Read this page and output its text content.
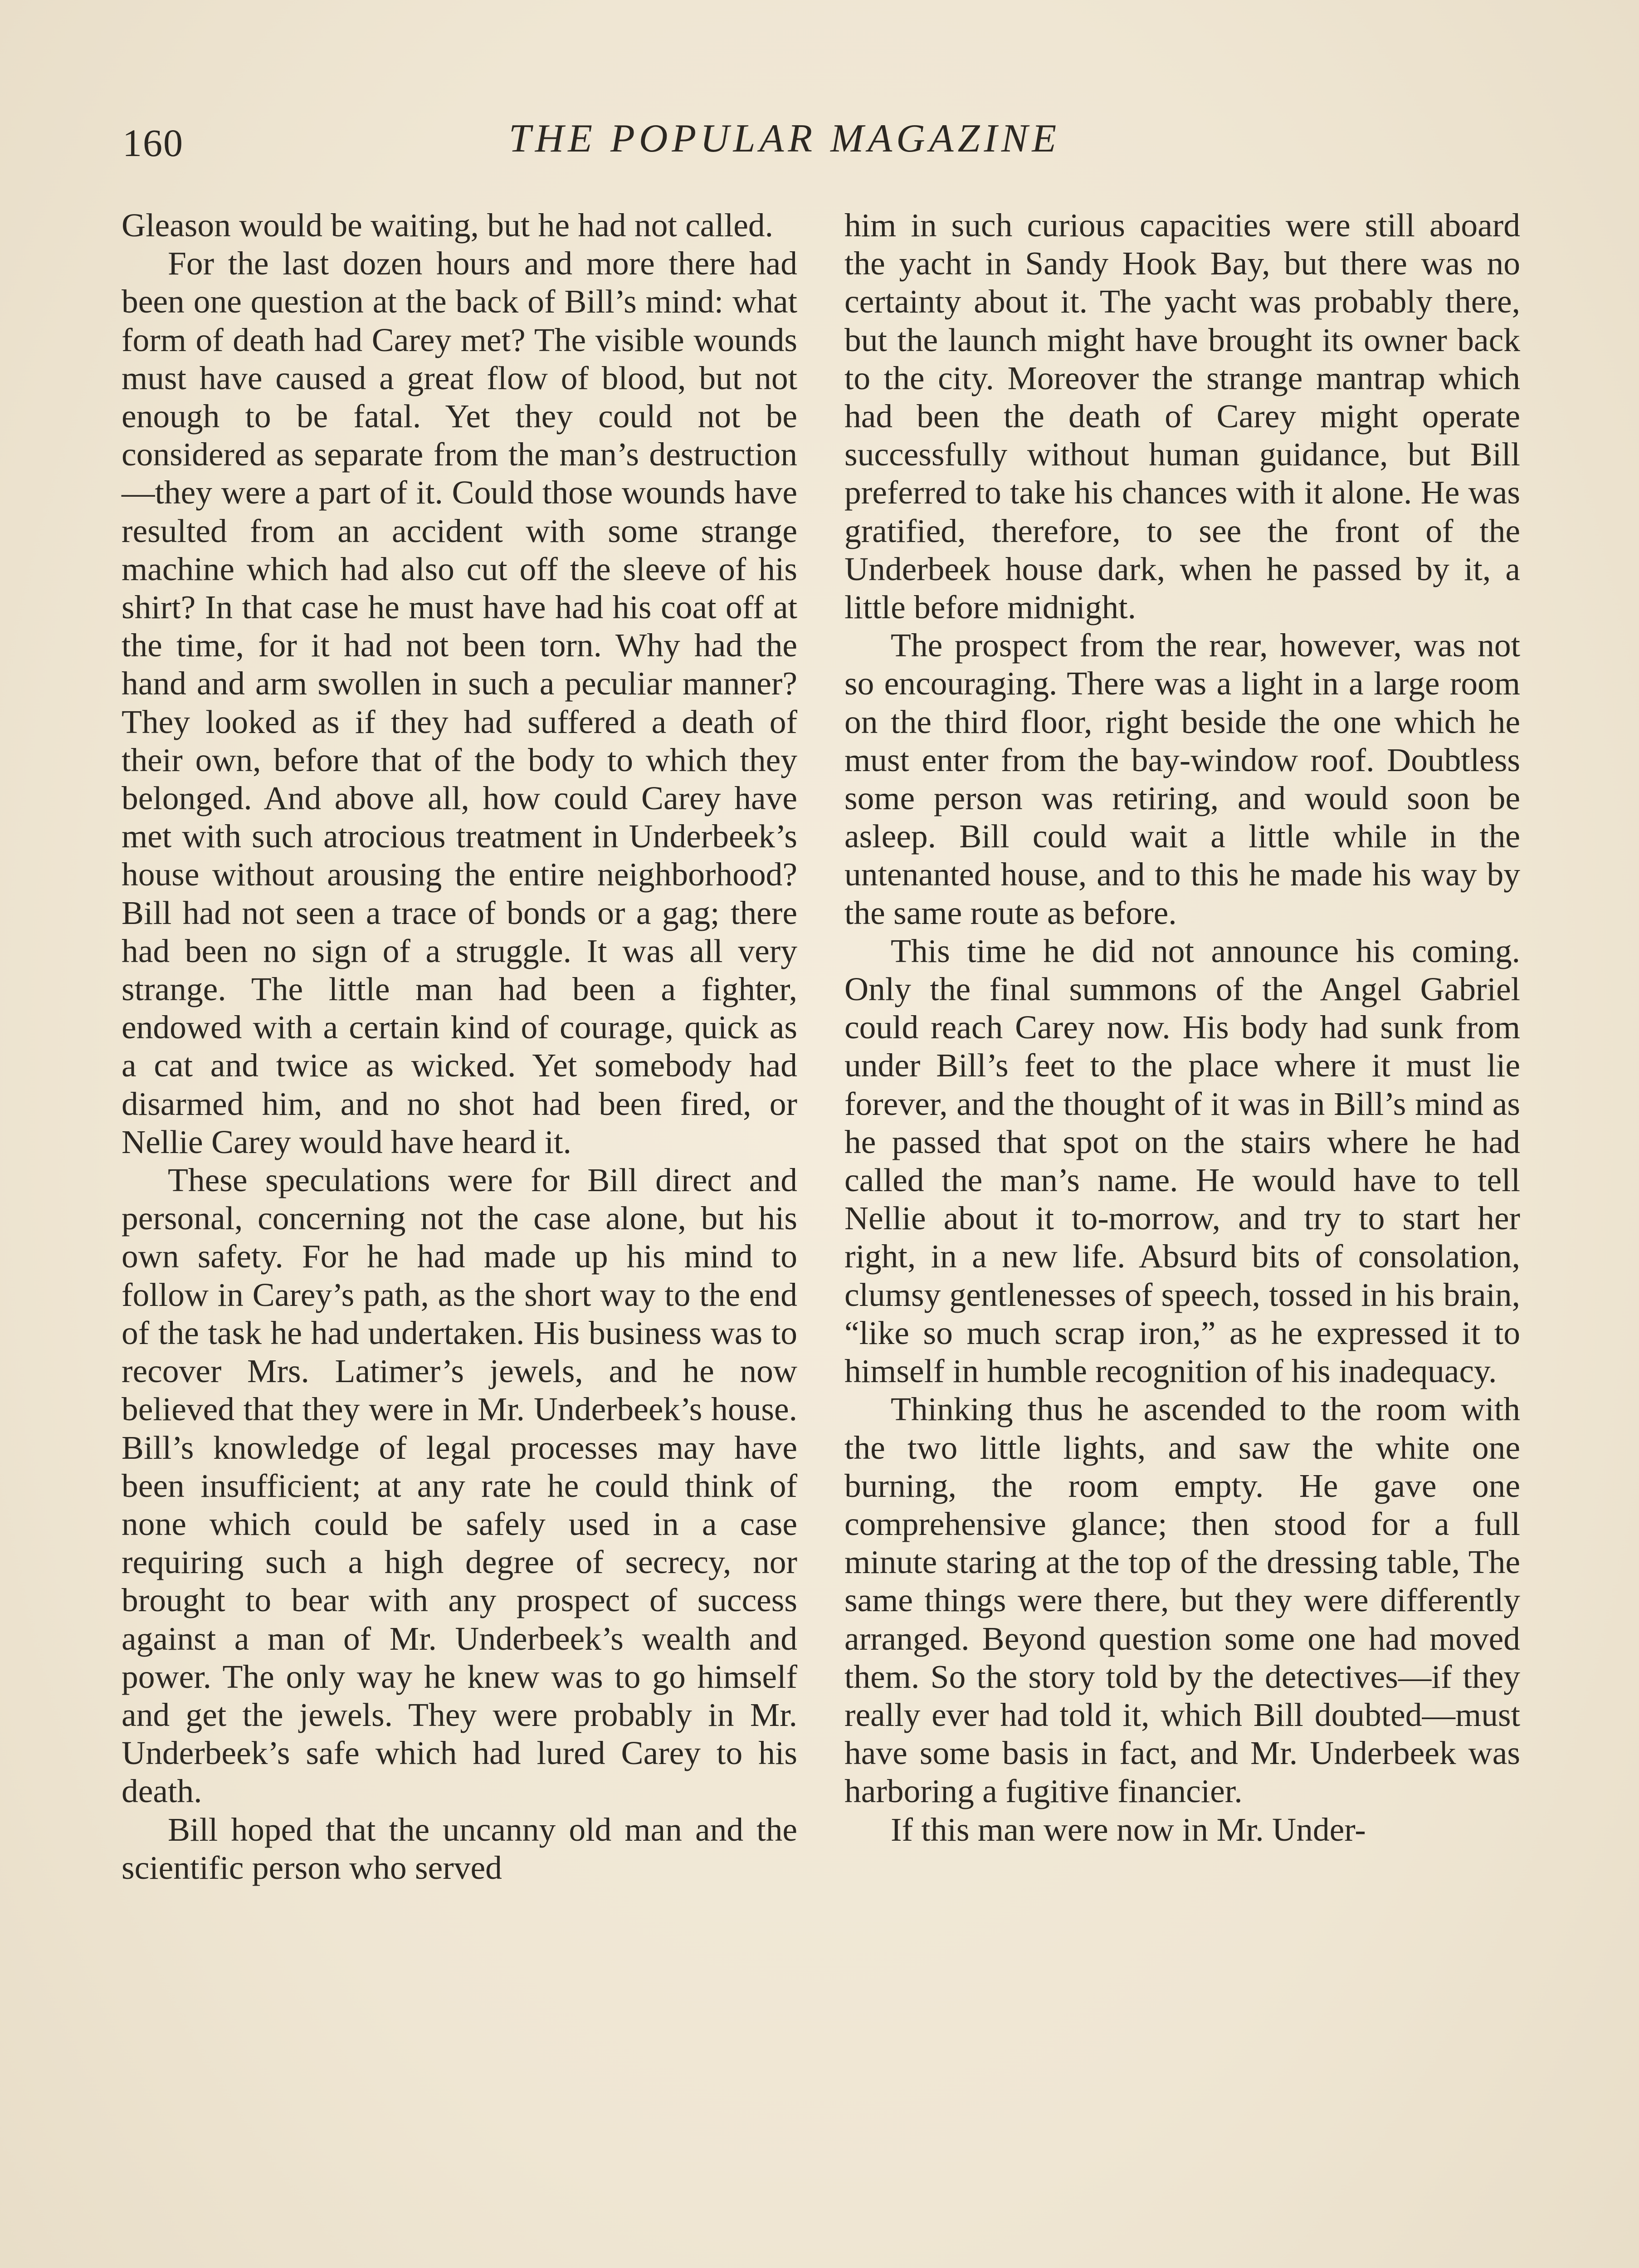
160	THE POPULAR MAGAZINE

Gleason would be waiting, but he had not called.

For the last dozen hours and more there had been one question at the back of Bill’s mind: what form of death had Carey met? The visible wounds must have caused a great flow of blood, but not enough to be fatal. Yet they could not be considered as separate from the man’s destruction—they were a part of it. Could those wounds have resulted from an accident with some strange machine which had also cut off the sleeve of his shirt? In that case he must have had his coat off at the time, for it had not been torn. Why had the hand and arm swollen in such a peculiar manner? They looked as if they had suffered a death of their own, before that of the body to which they belonged. And above all, how could Carey have met with such atrocious treatment in Underbeek’s house without arousing the entire neighborhood? Bill had not seen a trace of bonds or a gag; there had been no sign of a struggle. It was all very strange. The little man had been a fighter, endowed with a certain kind of courage, quick as a cat and twice as wicked. Yet somebody had disarmed him, and no shot had been fired, or Nellie Carey would have heard it.

These speculations were for Bill direct and personal, concerning not the case alone, but his own safety. For he had made up his mind to follow in Carey’s path, as the short way to the end of the task he had undertaken. His business was to recover Mrs. Latimer’s jewels, and he now believed that they were in Mr. Underbeek’s house. Bill’s knowledge of legal processes may have been insufficient; at any rate he could think of none which could be safely used in a case requiring such a high degree of secrecy, nor brought to bear with any prospect of success against a man of Mr. Underbeek’s wealth and power. The only way he knew was to go himself and get the jewels. They were probably in Mr. Underbeek’s safe which had lured Carey to his death.

Bill hoped that the uncanny old man and the scientific person who served

him in such curious capacities were still aboard the yacht in Sandy Hook Bay, but there was no certainty about it. The yacht was probably there, but the launch might have brought its owner back to the city. Moreover the strange mantrap which had been the death of Carey might operate successfully without human guidance, but Bill preferred to take his chances with it alone. He was gratified, therefore, to see the front of the Underbeek house dark, when he passed by it, a little before midnight.

The prospect from the rear, however, was not so encouraging. There was a light in a large room on the third floor, right beside the one which he must enter from the bay-window roof. Doubtless some person was retiring, and would soon be asleep. Bill could wait a little while in the untenanted house, and to this he made his way by the same route as before.

This time he did not announce his coming. Only the final summons of the Angel Gabriel could reach Carey now. His body had sunk from under Bill’s feet to the place where it must lie forever, and the thought of it was in Bill’s mind as he passed that spot on the stairs where he had called the man’s name. He would have to tell Nellie about it to-morrow, and try to start her right, in a new life. Absurd bits of consolation, clumsy gentlenesses of speech, tossed in his brain, “like so much scrap iron,” as he expressed it to himself in humble recognition of his inadequacy.

Thinking thus he ascended to the room with the two little lights, and saw the white one burning, the room empty. He gave one comprehensive glance; then stood for a full minute staring at the top of the dressing table, The same things were there, but they were differently arranged. Beyond question some one had moved them. So the story told by the detectives—if they really ever had told it, which Bill doubted—must have some basis in fact, and Mr. Underbeek was harboring a fugitive financier.

If this man were now in Mr. Under-
